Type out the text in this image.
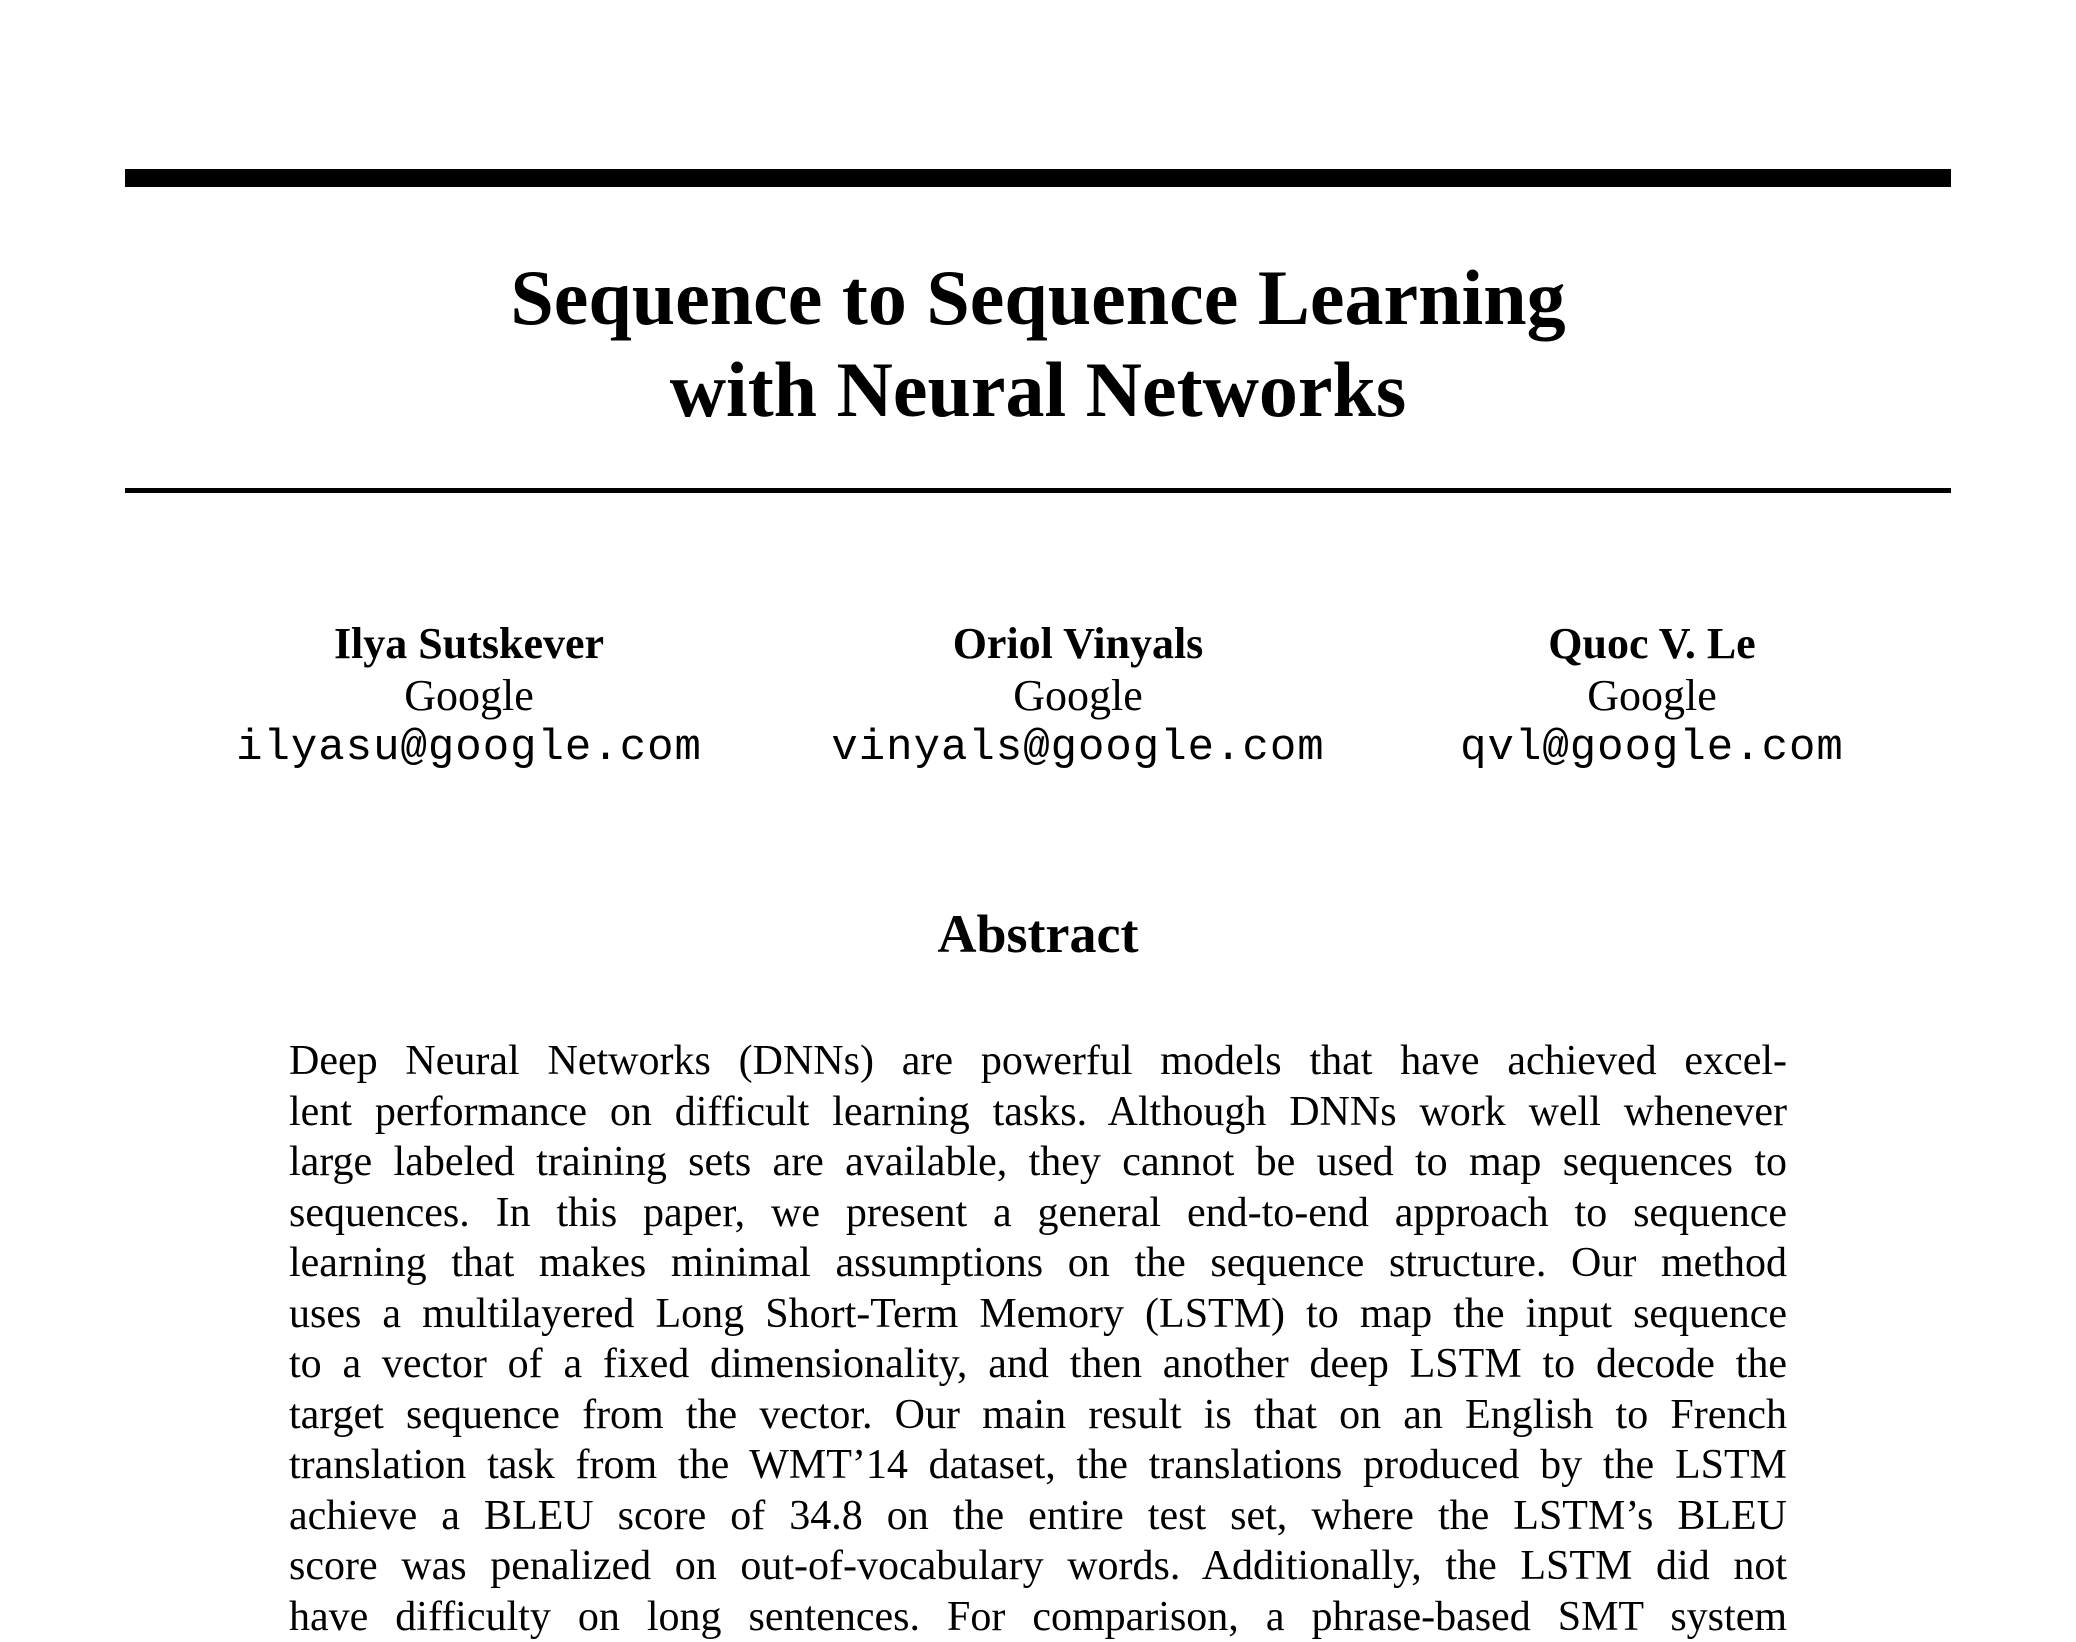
Sequence to Sequence Learning
with Neural Networks
Ilya Sutskever
Google
ilyasu@google.com
Oriol Vinyals
Google
vinyals@google.com
Quoc V. Le
Google
qvl@google.com
Abstract
Deep Neural Networks (DNNs) are powerful models that have achieved excel-
lent performance on difficult learning tasks. Although DNNs work well whenever
large labeled training sets are available, they cannot be used to map sequences to
sequences. In this paper, we present a general end-to-end approach to sequence
learning that makes minimal assumptions on the sequence structure. Our method
uses a multilayered Long Short-Term Memory (LSTM) to map the input sequence
to a vector of a fixed dimensionality, and then another deep LSTM to decode the
target sequence from the vector. Our main result is that on an English to French
translation task from the WMT’14 dataset, the translations produced by the LSTM
achieve a BLEU score of 34.8 on the entire test set, where the LSTM’s BLEU
score was penalized on out-of-vocabulary words. Additionally, the LSTM did not
have difficulty on long sentences. For comparison, a phrase-based SMT system
